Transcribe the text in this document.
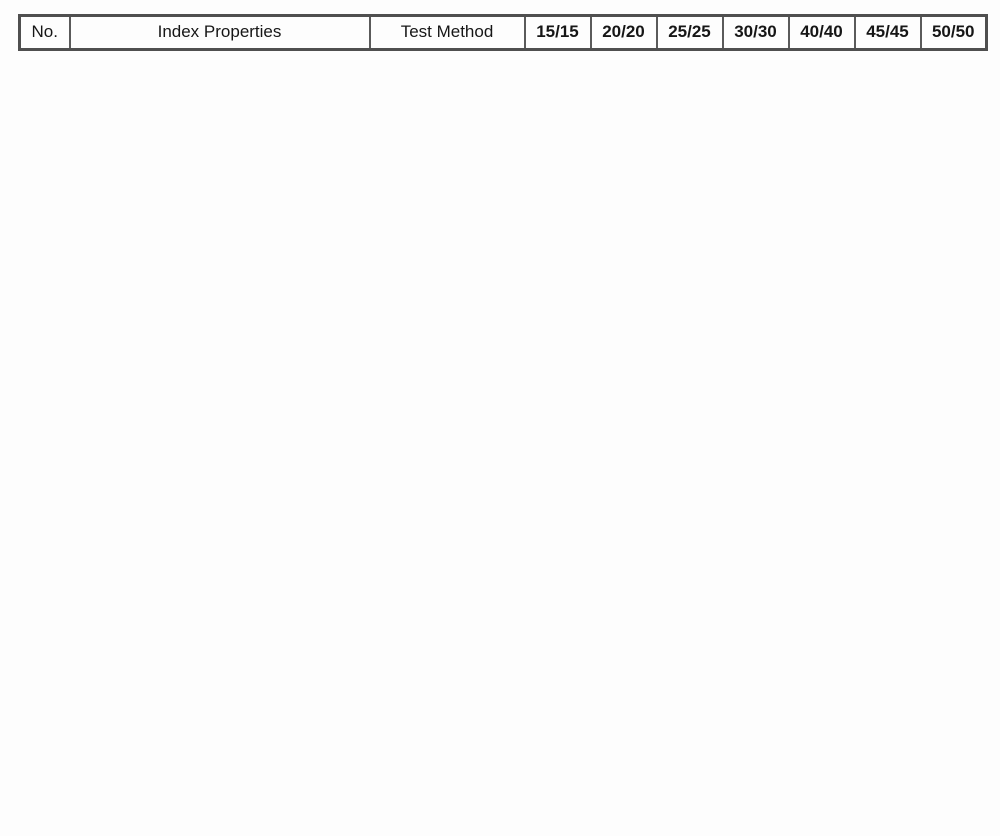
No.	Index Properties	Test Method	15/15	20/20	25/25	30/30	40/40	45/45	50/50
